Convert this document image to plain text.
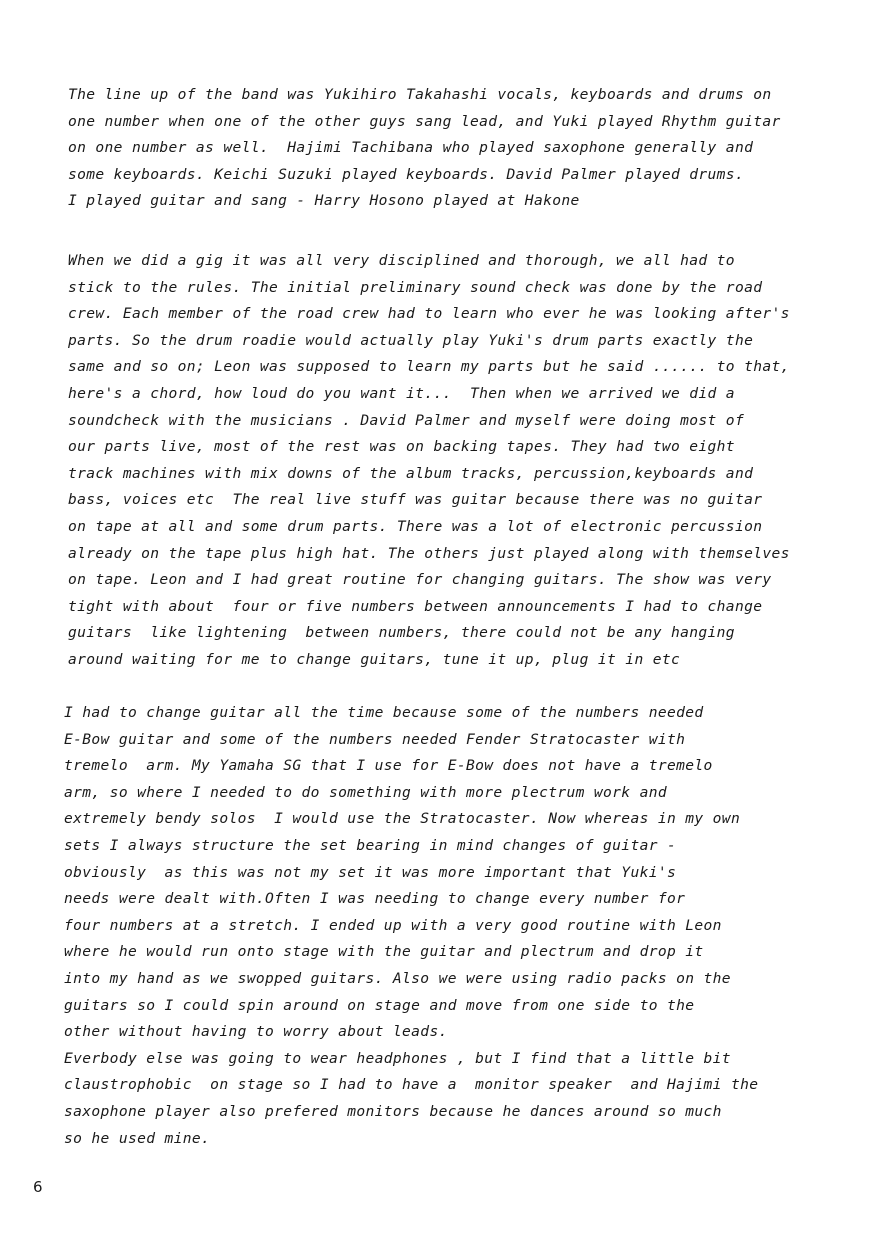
The line up of the band was Yukihiro Takahashi vocals, keyboards and drums on
one number when one of the other guys sang lead, and Yuki played Rhythm guitar
on one number as well.  Hajimi Tachibana who played saxophone generally and
some keyboards. Keichi Suzuki played keyboards. David Palmer played drums.
I played guitar and sang - Harry Hosono played at Hakone
When we did a gig it was all very disciplined and thorough, we all had to
stick to the rules. The initial preliminary sound check was done by the road
crew. Each member of the road crew had to learn who ever he was looking after's
parts. So the drum roadie would actually play Yuki's drum parts exactly the
same and so on; Leon was supposed to learn my parts but he said ...... to that,
here's a chord, how loud do you want it...  Then when we arrived we did a
soundcheck with the musicians . David Palmer and myself were doing most of
our parts live, most of the rest was on backing tapes. They had two eight
track machines with mix downs of the album tracks, percussion,keyboards and
bass, voices etc  The real live stuff was guitar because there was no guitar
on tape at all and some drum parts. There was a lot of electronic percussion
already on the tape plus high hat. The others just played along with themselves
on tape. Leon and I had great routine for changing guitars. The show was very
tight with about  four or five numbers between announcements I had to change
guitars  like lightening  between numbers, there could not be any hanging
around waiting for me to change guitars, tune it up, plug it in etc
I had to change guitar all the time because some of the numbers needed
E-Bow guitar and some of the numbers needed Fender Stratocaster with
tremelo  arm. My Yamaha SG that I use for E-Bow does not have a tremelo
arm, so where I needed to do something with more plectrum work and
extremely bendy solos  I would use the Stratocaster. Now whereas in my own
sets I always structure the set bearing in mind changes of guitar -
obviously  as this was not my set it was more important that Yuki's
needs were dealt with.Often I was needing to change every number for
four numbers at a stretch. I ended up with a very good routine with Leon
where he would run onto stage with the guitar and plectrum and drop it
into my hand as we swopped guitars. Also we were using radio packs on the
guitars so I could spin around on stage and move from one side to the
other without having to worry about leads.
Everbody else was going to wear headphones , but I find that a little bit
claustrophobic  on stage so I had to have a  monitor speaker  and Hajimi the
saxophone player also prefered monitors because he dances around so much
so he used mine.
6
